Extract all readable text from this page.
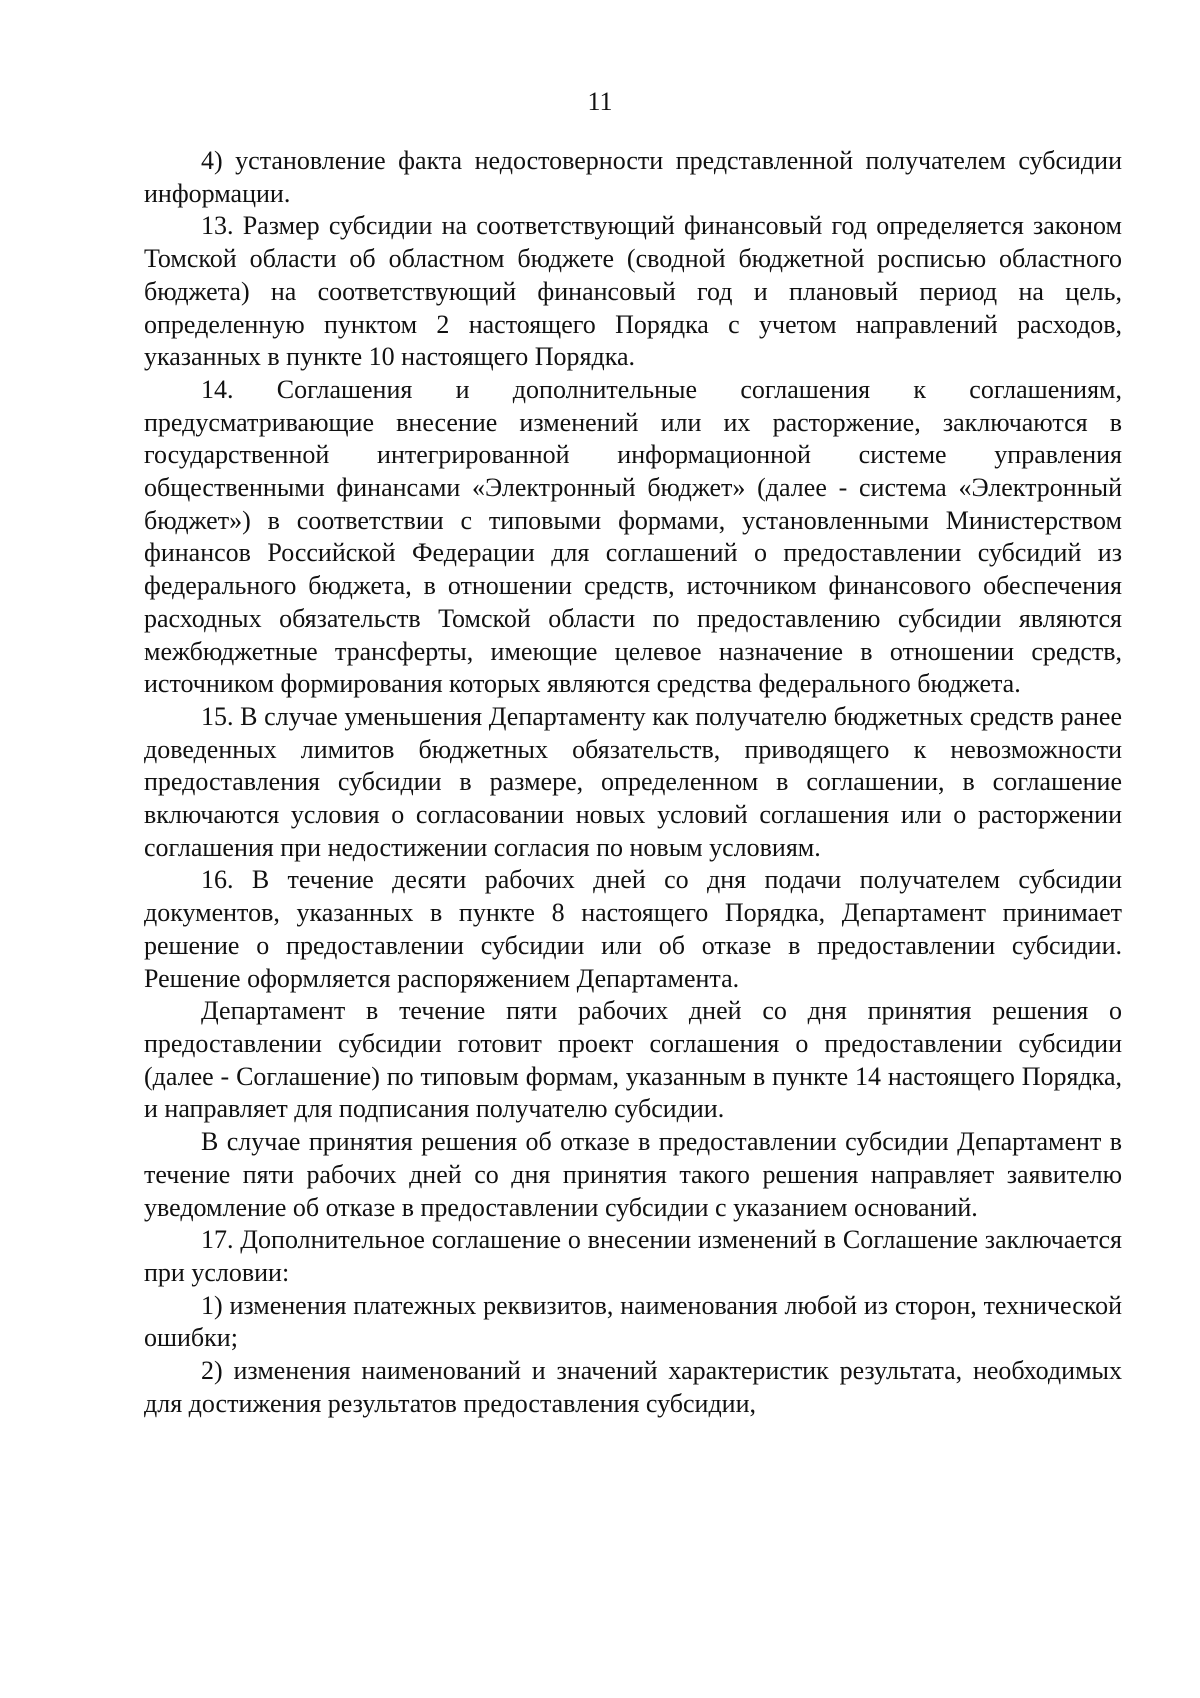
11

4) установление факта недостоверности представленной получателем субсидии информации.

13. Размер субсидии на соответствующий финансовый год определяется законом Томской области об областном бюджете (сводной бюджетной росписью областного бюджета) на соответствующий финансовый год и плановый период на цель, определенную пунктом 2 настоящего Порядка с учетом направлений расходов, указанных в пункте 10 настоящего Порядка.

14. Соглашения и дополнительные соглашения к соглашениям, предусматривающие внесение изменений или их расторжение, заключаются в государственной интегрированной информационной системе управления общественными финансами «Электронный бюджет» (далее - система «Электронный бюджет») в соответствии с типовыми формами, установленными Министерством финансов Российской Федерации для соглашений о предоставлении субсидий из федерального бюджета, в отношении средств, источником финансового обеспечения расходных обязательств Томской области по предоставлению субсидии являются межбюджетные трансферты, имеющие целевое назначение в отношении средств, источником формирования которых являются средства федерального бюджета.

15. В случае уменьшения Департаменту как получателю бюджетных средств ранее доведенных лимитов бюджетных обязательств, приводящего к невозможности предоставления субсидии в размере, определенном в соглашении, в соглашение включаются условия о согласовании новых условий соглашения или о расторжении соглашения при недостижении согласия по новым условиям.

16. В течение десяти рабочих дней со дня подачи получателем субсидии документов, указанных в пункте 8 настоящего Порядка, Департамент принимает решение о предоставлении субсидии или об отказе в предоставлении субсидии. Решение оформляется распоряжением Департамента.

Департамент в течение пяти рабочих дней со дня принятия решения о предоставлении субсидии готовит проект соглашения о предоставлении субсидии (далее - Соглашение) по типовым формам, указанным в пункте 14 настоящего Порядка, и направляет для подписания получателю субсидии.

В случае принятия решения об отказе в предоставлении субсидии Департамент в течение пяти рабочих дней со дня принятия такого решения направляет заявителю уведомление об отказе в предоставлении субсидии с указанием оснований.

17. Дополнительное соглашение о внесении изменений в Соглашение заключается при условии:

1) изменения платежных реквизитов, наименования любой из сторон, технической ошибки;

2) изменения наименований и значений характеристик результата, необходимых для достижения результатов предоставления субсидии,
